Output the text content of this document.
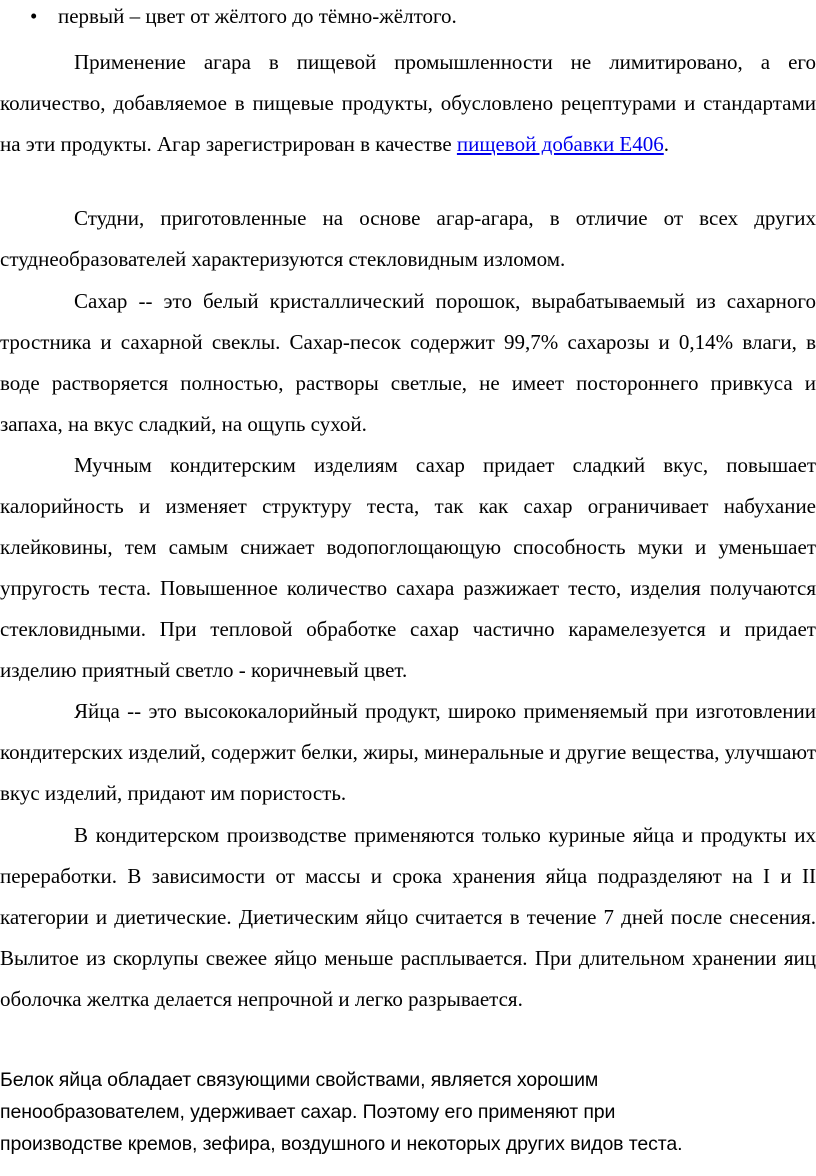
• первый – цвет от жёлтого до тёмно-жёлтого.

Применение агара в пищевой промышленности не лимитировано, а его количество, добавляемое в пищевые продукты, обусловлено рецептурами и стандартами на эти продукты. Агар зарегистрирован в качестве пищевой добавки E406.

Студни, приготовленные на основе агар-агара, в отличие от всех других студнеобразователей характеризуются стекловидным изломом.

Сахар -- это белый кристаллический порошок, вырабатываемый из сахарного тростника и сахарной свеклы. Сахар-песок содержит 99,7% сахарозы и 0,14% влаги, в воде растворяется полностью, растворы светлые, не имеет постороннего привкуса и запаха, на вкус сладкий, на ощупь сухой.

Мучным кондитерским изделиям сахар придает сладкий вкус, повышает калорийность и изменяет структуру теста, так как сахар ограничивает набухание клейковины, тем самым снижает водопоглощающую способность муки и уменьшает упругость теста. Повышенное количество сахара разжижает тесто, изделия получаются стекловидными. При тепловой обработке сахар частично карамелезуется и придает изделию приятный светло - коричневый цвет.

Яйца -- это высококалорийный продукт, широко применяемый при изготовлении кондитерских изделий, содержит белки, жиры, минеральные и другие вещества, улучшают вкус изделий, придают им пористость.

В кондитерском производстве применяются только куриные яйца и продукты их переработки. В зависимости от массы и срока хранения яйца подразделяют на I и II категории и диетические. Диетическим яйцо считается в течение 7 дней после снесения. Вылитое из скорлупы свежее яйцо меньше расплывается. При длительном хранении яиц оболочка желтка делается непрочной и легко разрывается.

Белок яйца обладает связующими свойствами, является хорошим
пенообразователем, удерживает сахар. Поэтому его применяют при
производстве кремов, зефира, воздушного и некоторых других видов теста.
